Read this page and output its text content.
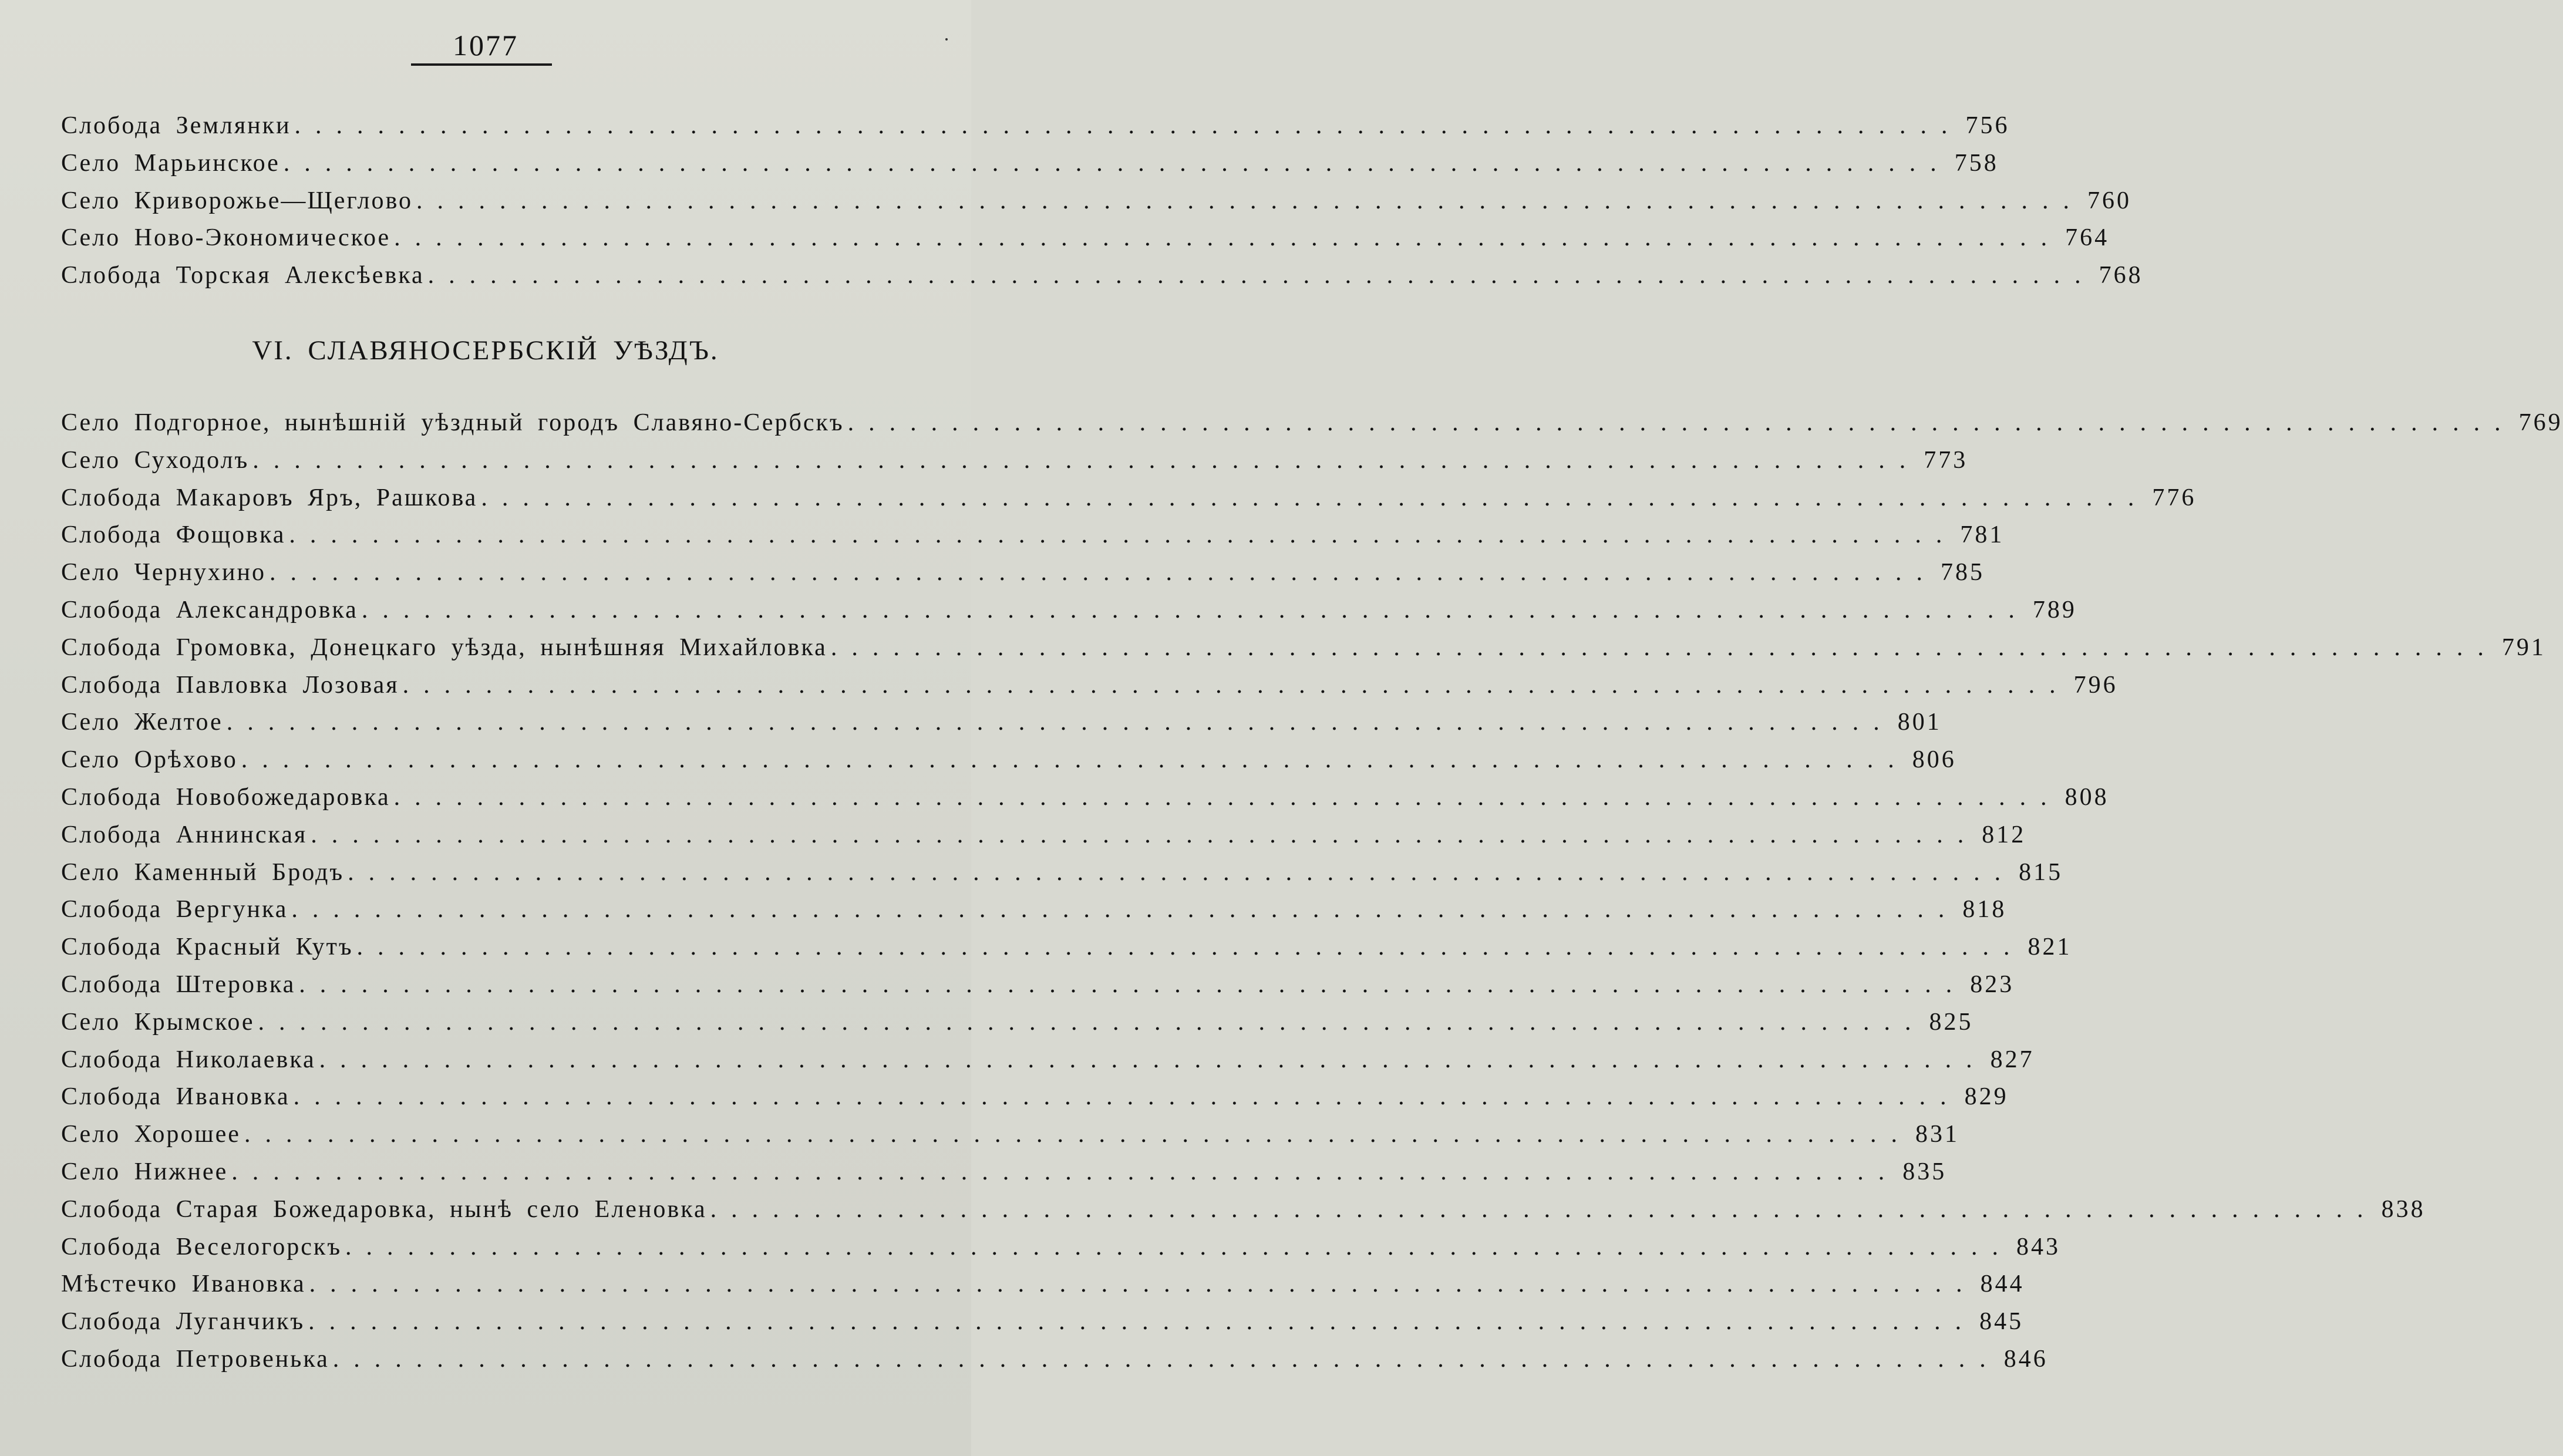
1077
Слобода Землянки ................................................................................ 756
Село Марьинское ................................................................................ 758
Село Криворожье—Щеглово ................................................................................ 760
Село Ново-Экономическое ................................................................................ 764
Слобода Торская Алексѣевка ................................................................................ 768
VI. СЛАВЯНОСЕРБСКІЙ УѢЗДЪ.
Село Подгорное, нынѣшній уѣздный городъ Славяно-Сербскъ ................................................................................ 769
Село Суходолъ ................................................................................ 773
Слобода Макаровъ Яръ, Рашкова ................................................................................ 776
Слобода Фощовка ................................................................................ 781
Село Чернухино ................................................................................ 785
Слобода Александровка ................................................................................ 789
Слобода Громовка, Донецкаго уѣзда, нынѣшняя Михайловка ................................................................................ 791
Слобода Павловка Лозовая ................................................................................ 796
Село Желтое ................................................................................ 801
Село Орѣхово ................................................................................ 806
Слобода Новобожедаровка ................................................................................ 808
Слобода Аннинская ................................................................................ 812
Село Каменный Бродъ ................................................................................ 815
Слобода Вергунка ................................................................................ 818
Слобода Красный Кутъ ................................................................................ 821
Слобода Штеровка ................................................................................ 823
Село Крымское ................................................................................ 825
Слобода Николаевка ................................................................................ 827
Слобода Ивановка ................................................................................ 829
Село Хорошее ................................................................................ 831
Село Нижнее ................................................................................ 835
Слобода Старая Божедаровка, нынѣ село Еленовка ................................................................................ 838
Слобода Веселогорскъ ................................................................................ 843
Мѣстечко Ивановка ................................................................................ 844
Слобода Луганчикъ ................................................................................ 845
Слобода Петровенька ................................................................................ 846
